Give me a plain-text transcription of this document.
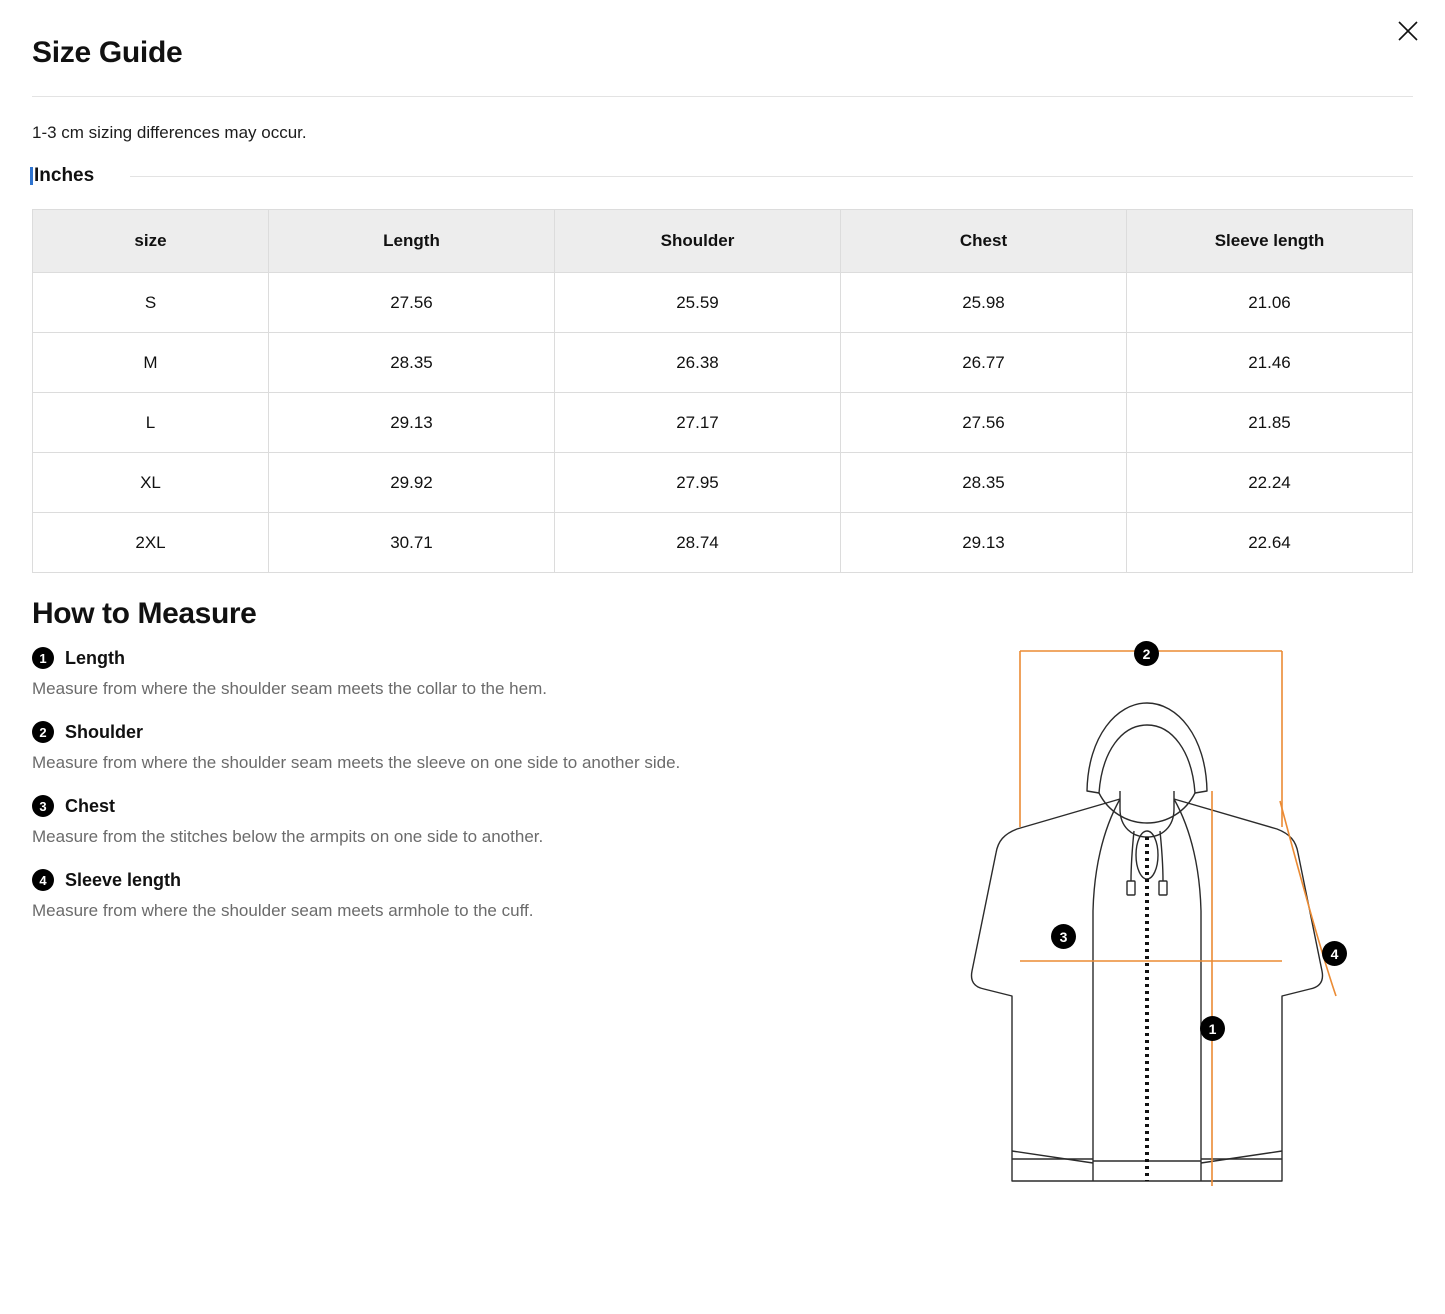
Size Guide

1-3 cm sizing differences may occur.

Inches
size	Length	Shoulder	Chest	Sleeve length
S	27.56	25.59	25.98	21.06
M	28.35	26.38	26.77	21.46
L	29.13	27.17	27.56	21.85
XL	29.92	27.95	28.35	22.24
2XL	30.71	28.74	29.13	22.64
How to Measure
1	Length

Measure from where the shoulder seam meets the collar to the hem.

2	Shoulder

Measure from where the shoulder seam meets the sleeve on one side to another side.

3	Chest

Measure from the stitches below the armpits on one side to another.

4	Sleeve length

Measure from where the shoulder seam meets armhole to the cuff.

2
3
1
4
